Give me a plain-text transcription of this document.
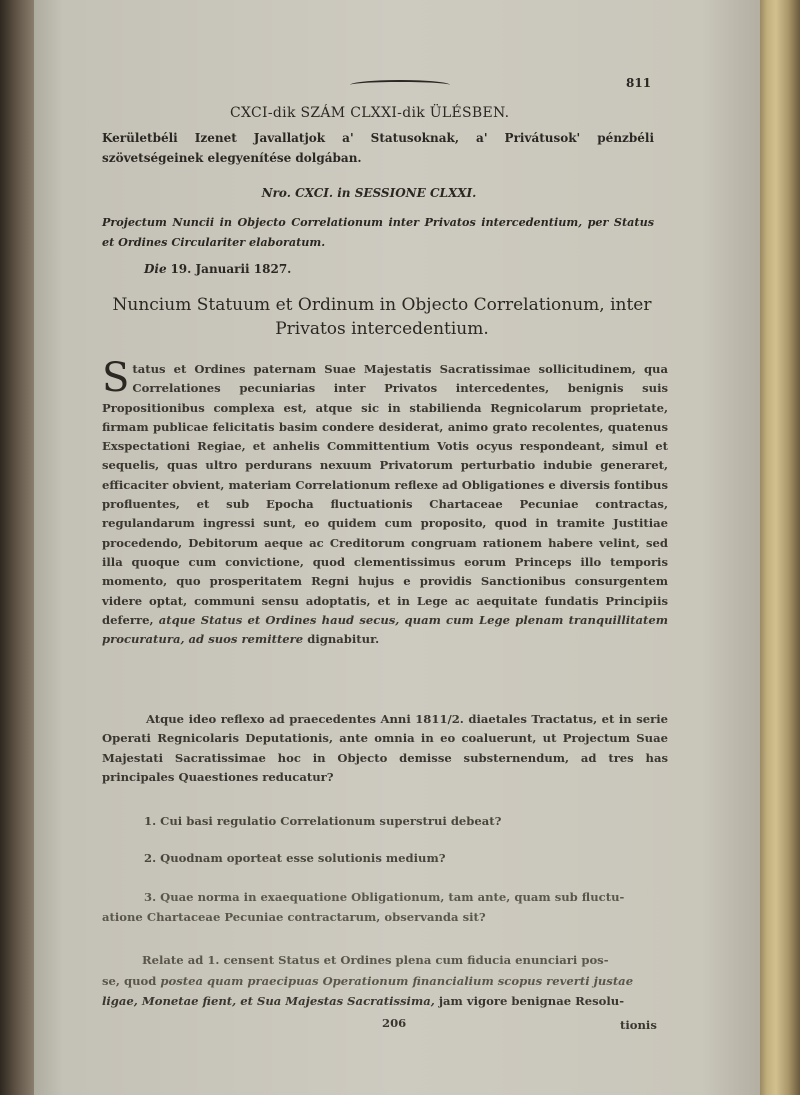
811
CXCI-dik SZÁM CLXXI-dik ÜLÉSBEN.
Kerületbéli Izenet Javallatjok a' Statusoknak, a' Privátusok' pénzbéli szövetségeinek elegyenítése dolgában.
Nro. CXCI. in SESSIONE CLXXI.
Projectum Nuncii in Objecto Correlationum inter Privatos intercedentium, per Status et Ordines Circulariter elaboratum.
Die 19. Januarii 1827.
Nuncium Statuum et Ordinum in Objecto Correlationum, inter Privatos intercedentium.
Status et Ordines paternam Suae Majestatis Sacratissimae sollicitudinem, qua Correlationes pecuniarias inter Privatos intercedentes, benignis suis Propositionibus complexa est, atque sic in stabilienda Regnicolarum proprietate, firmam publicae felicitatis basim condere desiderat, animo grato recolentes, quatenus Exspectationi Regiae, et anhelis Committentium Votis ocyus respondeant, simul et sequelis, quas ultro perdurans nexuum Privatorum perturbatio indubie generaret, efficaciter obvient, materiam Correlationum reflexe ad Obligationes e diversis fontibus profluentes, et sub Epocha fluctuationis Chartaceae Pecuniae contractas, regulandarum ingressi sunt, eo quidem cum proposito, quod in tramite Justitiae procedendo, Debitorum aeque ac Creditorum congruam rationem habere velint, sed illa quoque cum convictione, quod clementissimus eorum Princeps illo temporis momento, quo prosperitatem Regni hujus e providis Sanctionibus consurgentem videre optat, communi sensu adoptatis, et in Lege ac aequitate fundatis Principiis deferre, atque Status et Ordines haud secus, quam cum Lege plenam tranquillitatem procuratura, ad suos remittere dignabitur.
Atque ideo reflexo ad praecedentes Anni 1811/2. diaetales Tractatus, et in serie Operati Regnicolaris Deputationis, ante omnia in eo coaluerunt, ut Projectum Suae Majestati Sacratissimae hoc in Objecto demisse substernendum, ad tres has principales Quaestiones reducatur?
1. Cui basi regulatio Correlationum superstrui debeat?
2. Quodnam oporteat esse solutionis medium?
3. Quae norma in exaequatione Obligationum, tam ante, quam sub fluctu-
atione Chartaceae Pecuniae contractarum, observanda sit?
Relate ad 1. censent Status et Ordines plena cum fiducia enunciari pos-
se, quod postea quam praecipuas Operationum financialium scopus reverti justae
ligae, Monetae fient, et Sua Majestas Sacratissima, jam vigore benignae Resolu-
206	tionis
